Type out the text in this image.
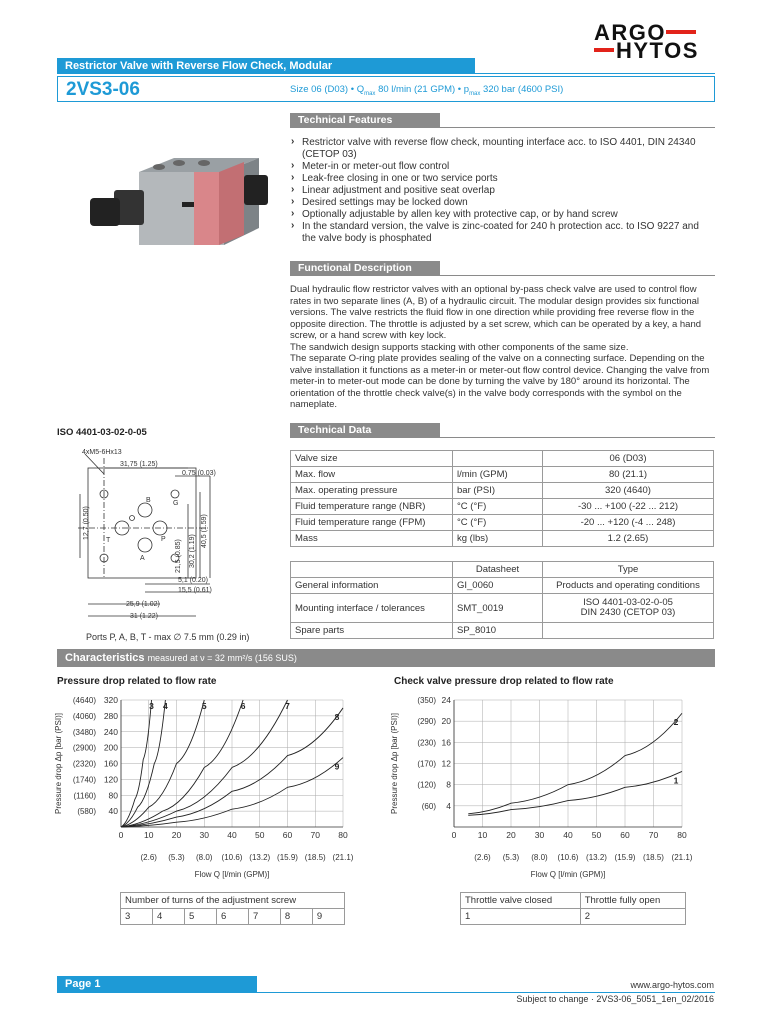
ARGO
HYTOS
Restrictor Valve with Reverse Flow Check, Modular
2VS3-06	Size 06 (D03) • $Q_{max}$ 80 l/min (21 GPM) • $p_{max}$ 320 bar (4600 PSI)
Technical Features
› Restrictor valve with reverse flow check, mounting interface acc. to ISO 4401, DIN 24340 (CETOP 03)
› Meter-in or meter-out flow control
› Leak-free closing in one or two service ports
› Linear adjustment and positive seat overlap
› Desired settings may be locked down
› Optionally adjustable by allen key with protective cap, or by hand screw
› In the standard version, the valve is zinc-coated for 240 h protection acc. to ISO 9227 and the valve body is phosphated
Functional Description
Dual hydraulic flow restrictor valves with an optional by-pass check valve are used to control flow rates in two separate lines (A, B) of a hydraulic circuit. The modular design provides six functional versions. The valve restricts the fluid flow in one direction while providing free reverse flow in the opposite direction. The throttle is adjusted by a set screw, which can be operated by a key, a hand screw, or a hand screw with key lock.
The sandwich design supports stacking with other components of the same size.
The separate O-ring plate provides sealing of the valve on a connecting surface. Depending on the valve installation it functions as a meter-in or meter-out flow control device. Changing the valve from meter-in to meter-out mode can be done by turning the valve by 180° around its horizontal. The orientation of the throttle check valve(s) in the valve body corresponds with the symbol on the nameplate.
ISO 4401-03-02-0-05
4xM5-6Hx13
31,75 (1.25)
0.75 (0.03)
12,7 (0.50)
21,5 (0.85) 30,2 (1.19)
40,5 (1.59)
5,1 (0.20)
15,5 (0.61)
25,9 (1.02)
31 (1.22)
B	G
T	P
A
Ports P, A, B, T - max ∅ 7.5 mm (0.29 in)
Technical Data
Valve size		06 (D03)
Max. flow	l/min (GPM)	80 (21.1)
Max. operating pressure	bar (PSI)	320 (4640)
Fluid temperature range (NBR)	°C (°F)	-30 ... +100 (-22 ... 212)
Fluid temperature range (FPM)	°C (°F)	-20 ... +120 (-4 ... 248)
Mass	kg (lbs)	1.2 (2.65)
	Datasheet	Type
General information	GI_0060	Products and operating conditions
Mounting interface / tolerances	SMT_0019	ISO 4401-03-02-0-05
DIN 2430 (CETOP 03)

Spare parts	SP_8010	
Characteristics measured at ν = 32 mm²/s (156 SUS)
Pressure drop related to flow rate	Check valve pressure drop related to flow rate
0 10 20 30 40 50 60 70 80
(2.6) (5.3) (8.0) (10.6) (13.2) (15.9) (18.5) (21.1)
40
80
120
160
200
240
280
320
(580)
(1160)
(1740)
(2320)
(2900)
(3480)
(4060)
(4640)
Flow Q [l/min (GPM)]
Pressure drop Δp [bar (PSI)]
3 4	5	6	7
8
9
0	10 20 30 40 50 60 70 80
(2.6) (5.3) (8.0) (10.6) (13.2) (15.9) (18.5) (21.1)
4
8
12
16
20
24
(60)
(120)
(170)
(230)
(290)
(350)
Flow Q [l/min (GPM)]
Pressure drop Δp [bar (PSI)]	2
1
Number of turns of the adjustment screw
3	4	5	6	7	8	9
Throttle valve closed	Throttle fully open
1	2
Page 1	www.argo-hytos.com
Subject to change · 2VS3-06_5051_1en_02/2016
